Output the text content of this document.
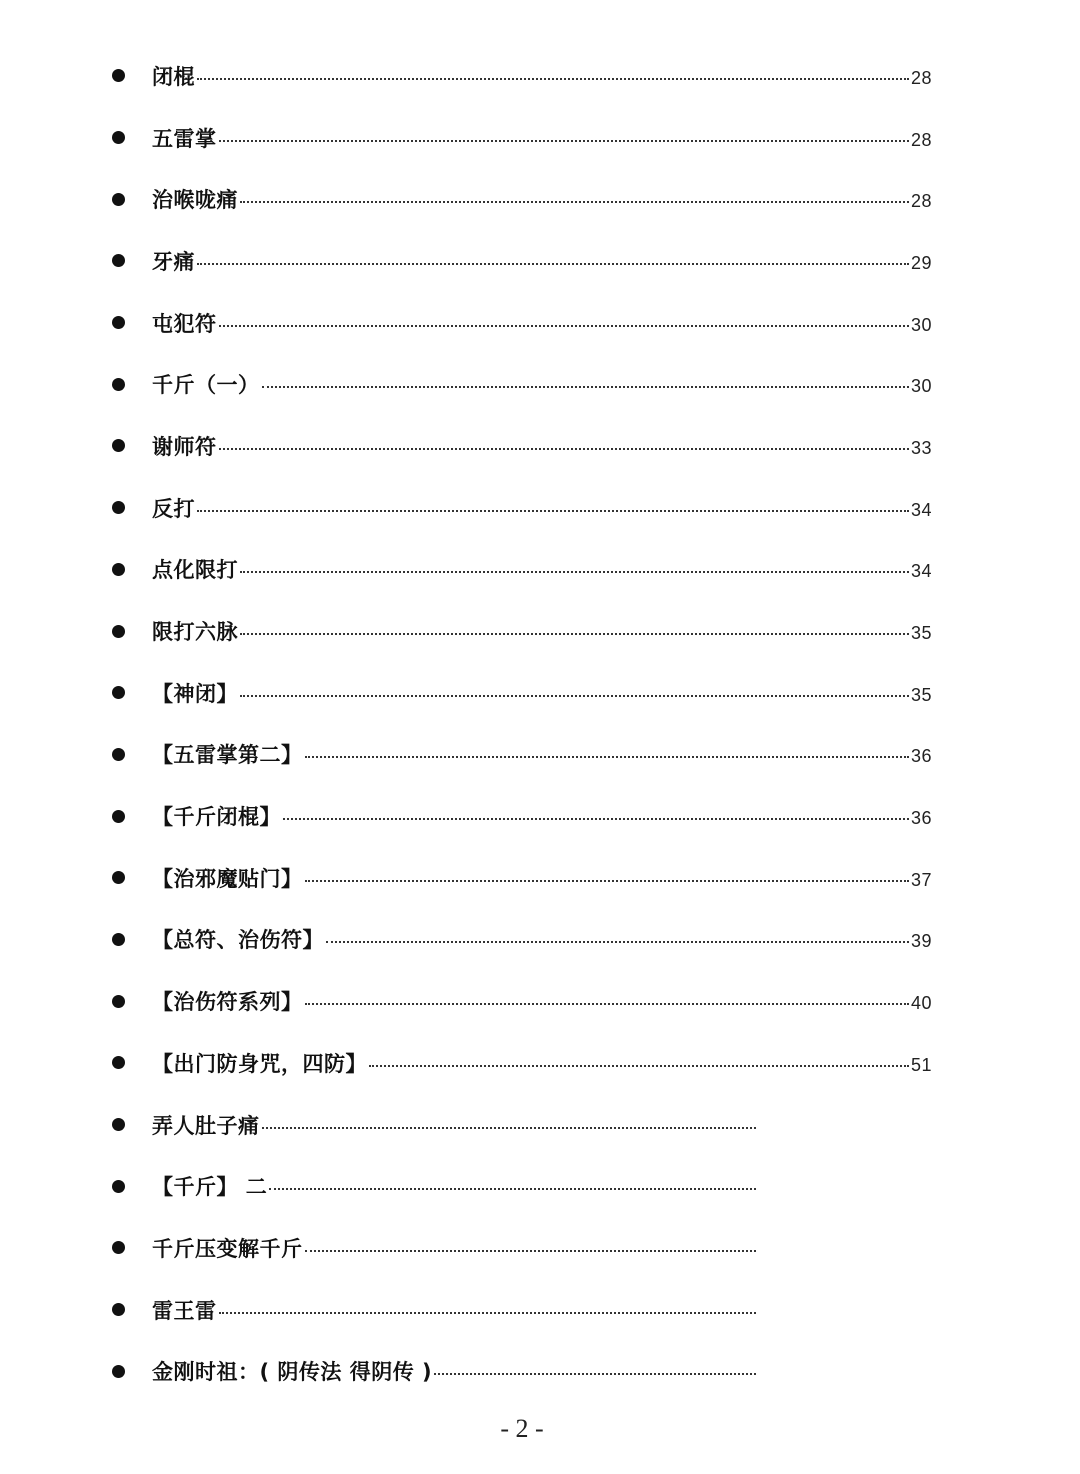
闭棍	28
五雷掌	28
治喉咙痛	28
牙痛	29
屯犯符	30
千斤（一）	30
谢师符	33
反打	34
点化限打	34
限打六脉	35
【神闭】	35
【五雷掌第二】	36
【千斤闭棍】	36
【治邪魔贴门】	37
【总符、治伤符】	39
【治伤符系列】	40
【出门防身咒，四防】	51
弄人肚子痛
【千斤】 二
千斤压变解千斤
雷王雷
金刚时祖：( 阴传法 得阴传 )
- 2 -
